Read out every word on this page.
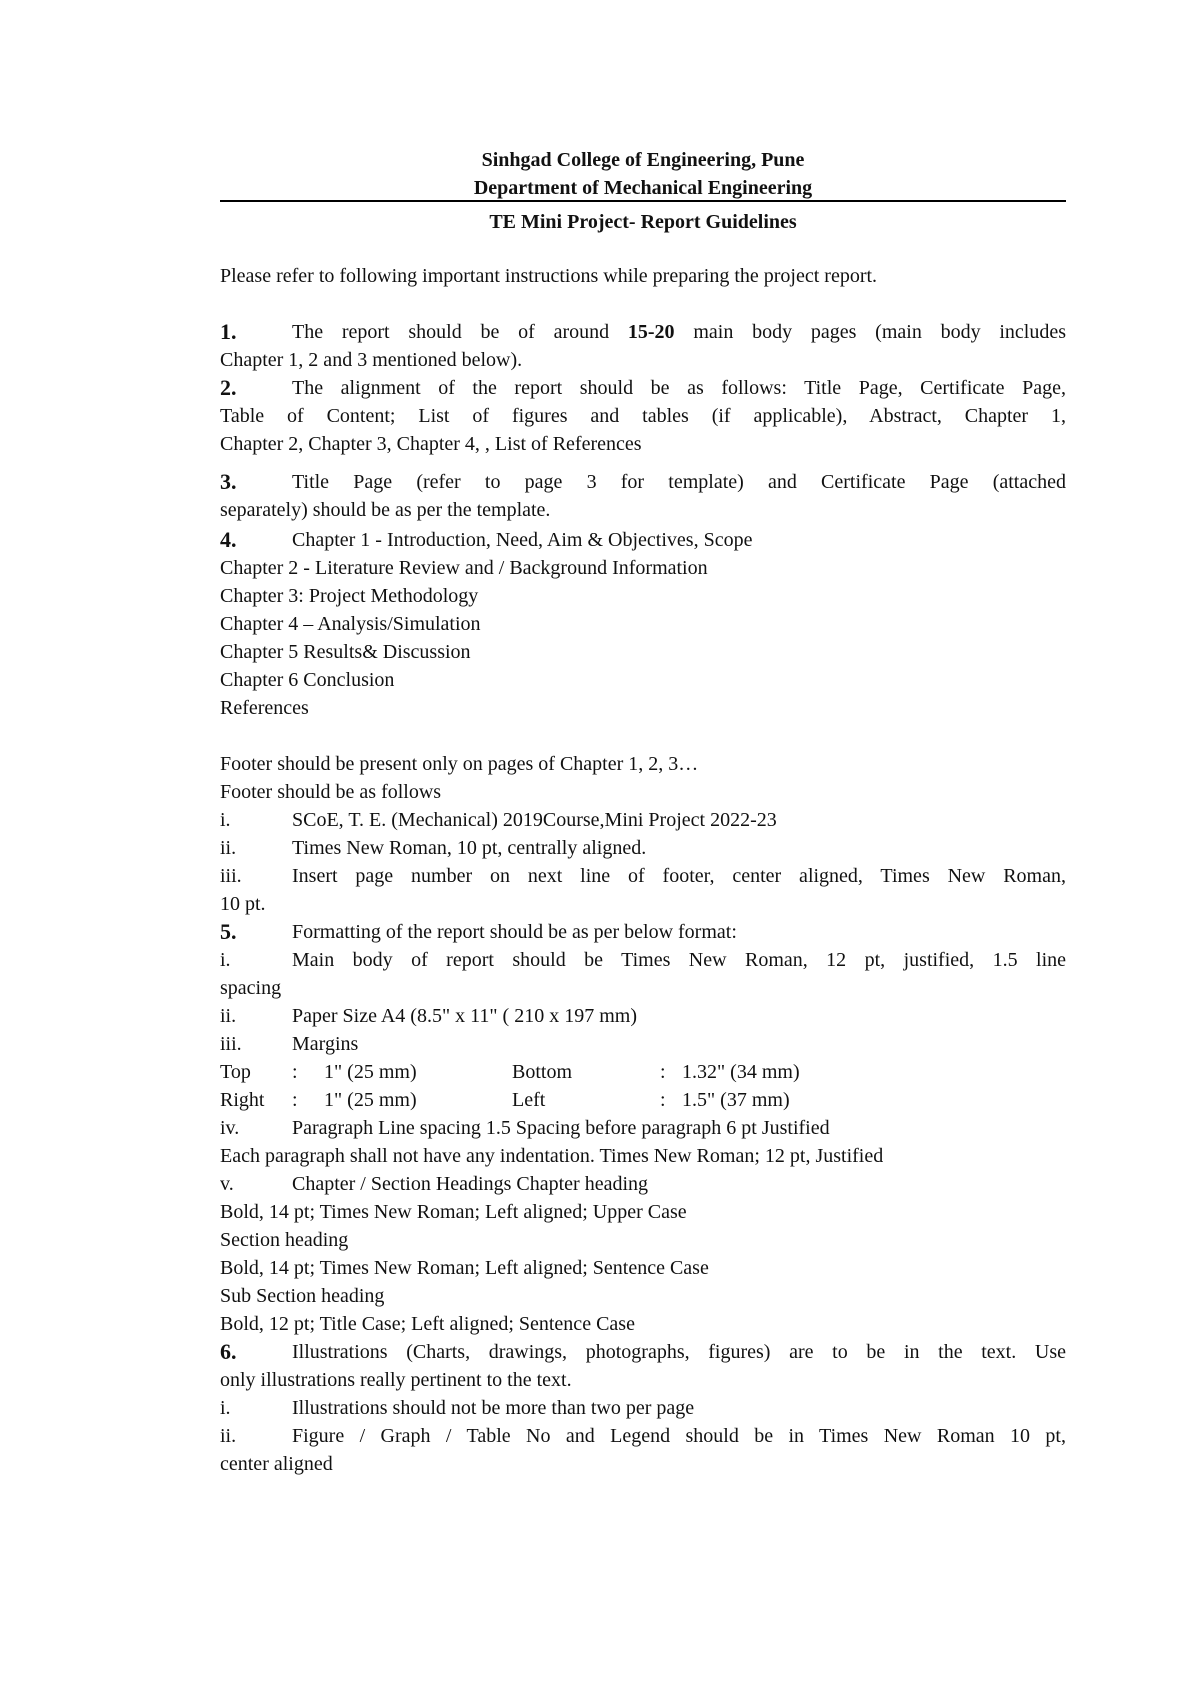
Sinhgad College of Engineering, Pune
Department of Mechanical Engineering
TE Mini Project- Report Guidelines
Please refer to following important instructions while preparing the project report.
1.	The report should be of around 15-20 main body pages (main body includes
Chapter 1, 2 and 3 mentioned below).
2.	The alignment of the report should be as follows: Title Page, Certificate Page,
Table of Content; List of figures and tables (if applicable), Abstract, Chapter 1,
Chapter 2, Chapter 3, Chapter 4, , List of References
3.	Title Page (refer to page 3 for template) and Certificate Page (attached
separately) should be as per the template.
4.	Chapter 1 - Introduction, Need, Aim & Objectives, Scope
Chapter 2 - Literature Review and / Background Information
Chapter 3: Project Methodology
Chapter 4 – Analysis/Simulation
Chapter 5 Results& Discussion
Chapter 6 Conclusion
References
Footer should be present only on pages of Chapter 1, 2, 3…
Footer should be as follows
i.	SCoE, T. E. (Mechanical) 2019Course,Mini Project 2022-23
ii.	Times New Roman, 10 pt, centrally aligned.
iii.	Insert page number on next line of footer, center aligned, Times New Roman,
10 pt.
5.	Formatting of the report should be as per below format:
i.	Main body of report should be Times New Roman, 12 pt, justified, 1.5 line
spacing
ii.	Paper Size A4 (8.5" x 11" ( 210 x 197 mm)
iii.	Margins
Top : 1" (25 mm)	Bottom	: 1.32" (34 mm)
Right : 1" (25 mm)	Left	: 1.5" (37 mm)
iv.	Paragraph Line spacing 1.5 Spacing before paragraph 6 pt Justified
Each paragraph shall not have any indentation. Times New Roman; 12 pt, Justified
v.	Chapter / Section Headings Chapter heading
Bold, 14 pt; Times New Roman; Left aligned; Upper Case
Section heading
Bold, 14 pt; Times New Roman; Left aligned; Sentence Case
Sub Section heading
Bold, 12 pt; Title Case; Left aligned; Sentence Case
6.	Illustrations (Charts, drawings, photographs, figures) are to be in the text. Use
only illustrations really pertinent to the text.
i.	Illustrations should not be more than two per page
ii.	Figure / Graph / Table No and Legend should be in Times New Roman 10 pt,
center aligned
